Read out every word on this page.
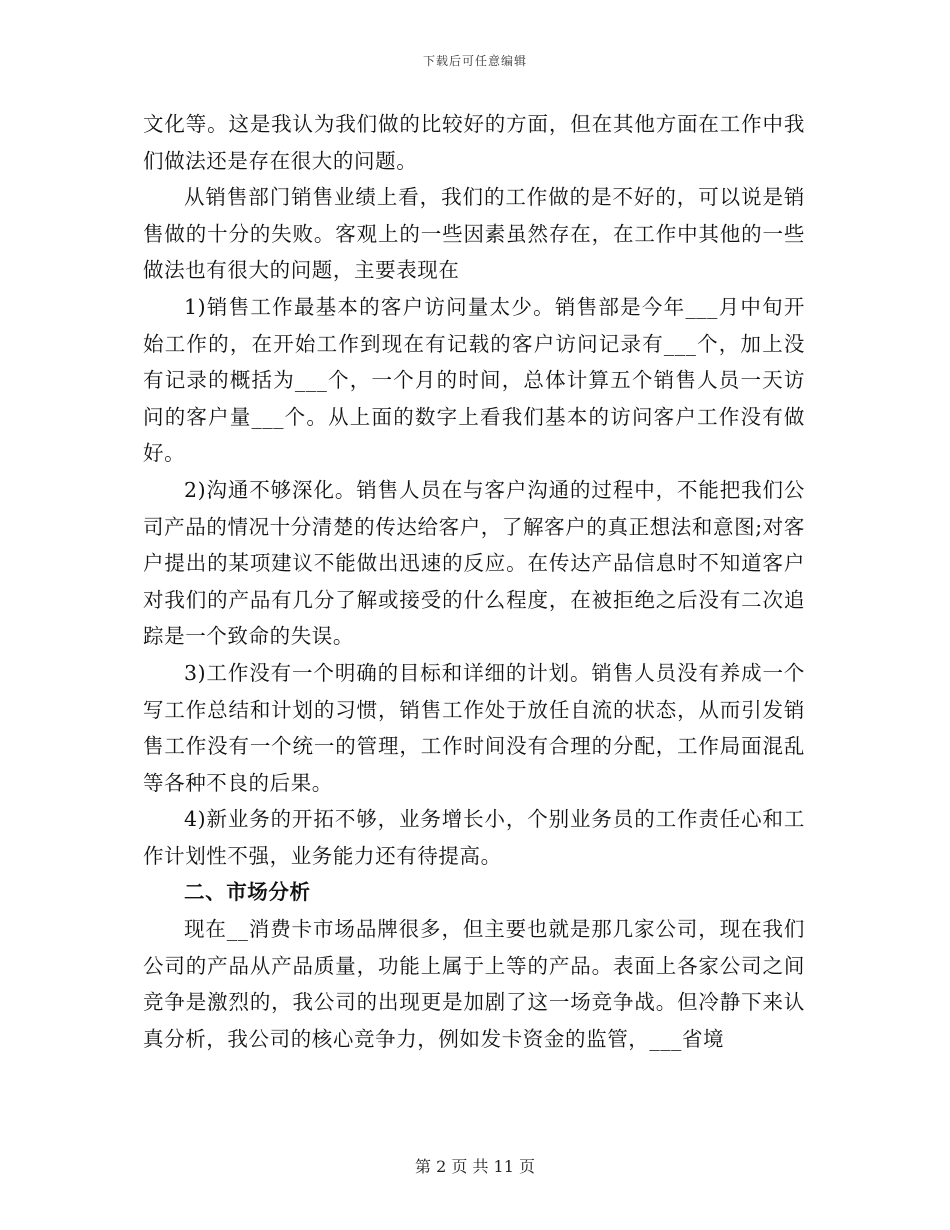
下载后可任意编辑

文化等。这是我认为我们做的比较好的方面，但在其他方面在工作中我们做法还是存在很大的问题。

从销售部门销售业绩上看，我们的工作做的是不好的，可以说是销售做的十分的失败。客观上的一些因素虽然存在，在工作中其他的一些做法也有很大的问题，主要表现在

1)销售工作最基本的客户访问量太少。销售部是今年___月中旬开始工作的，在开始工作到现在有记载的客户访问记录有___个，加上没有记录的概括为___个，一个月的时间，总体计算五个销售人员一天访问的客户量___个。从上面的数字上看我们基本的访问客户工作没有做好。

2)沟通不够深化。销售人员在与客户沟通的过程中，不能把我们公司产品的情况十分清楚的传达给客户，了解客户的真正想法和意图;对客户提出的某项建议不能做出迅速的反应。在传达产品信息时不知道客户对我们的产品有几分了解或接受的什么程度，在被拒绝之后没有二次追踪是一个致命的失误。

3)工作没有一个明确的目标和详细的计划。销售人员没有养成一个写工作总结和计划的习惯，销售工作处于放任自流的状态，从而引发销售工作没有一个统一的管理，工作时间没有合理的分配，工作局面混乱等各种不良的后果。

4)新业务的开拓不够，业务增长小，个别业务员的工作责任心和工作计划性不强，业务能力还有待提高。

二、市场分析

现在__消费卡市场品牌很多，但主要也就是那几家公司，现在我们公司的产品从产品质量，功能上属于上等的产品。表面上各家公司之间竞争是激烈的，我公司的出现更是加剧了这一场竞争战。但冷静下来认真分析，我公司的核心竞争力，例如发卡资金的监管，___省境

第 2 页 共 11 页
